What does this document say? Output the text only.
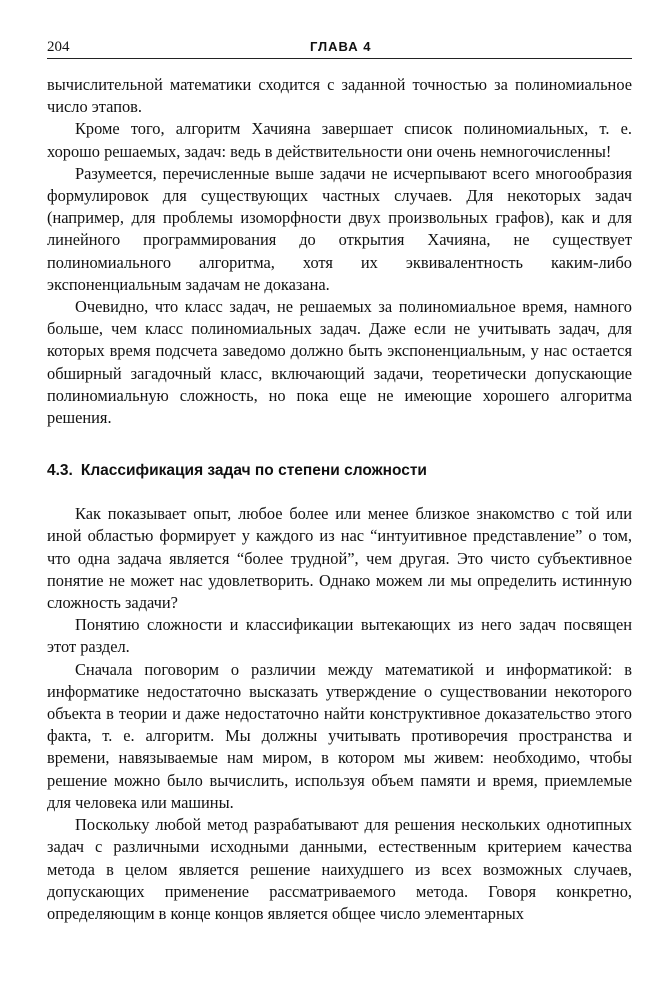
204	ГЛАВА 4

вычислительной математики сходится с заданной точностью за полиномиальное число этапов.

Кроме того, алгоритм Хачияна завершает список полиномиальных, т. е. хорошо решаемых, задач: ведь в действительности они очень немногочисленны!

Разумеется, перечисленные выше задачи не исчерпывают всего многообразия формулировок для существующих частных случаев. Для некоторых задач (например, для проблемы изоморфности двух произвольных графов), как и для линейного программирования до открытия Хачияна, не существует полиномиального алгоритма, хотя их эквивалентность каким-либо экспоненциальным задачам не доказана.

Очевидно, что класс задач, не решаемых за полиномиальное время, намного больше, чем класс полиномиальных задач. Даже если не учитывать задач, для которых время подсчета заведомо должно быть экспоненциальным, у нас остается обширный загадочный класс, включающий задачи, теоретически допускающие полиномиальную сложность, но пока еще не имеющие хорошего алгоритма решения.

4.3. Классификация задач по степени сложности

Как показывает опыт, любое более или менее близкое знакомство с той или иной областью формирует у каждого из нас “интуитивное представление” о том, что одна задача является “более трудной”, чем другая. Это чисто субъективное понятие не может нас удовлетворить. Однако можем ли мы определить истинную сложность задачи?

Понятию сложности и классификации вытекающих из него задач посвящен этот раздел.

Сначала поговорим о различии между математикой и информатикой: в информатике недостаточно высказать утверждение о существовании некоторого объекта в теории и даже недостаточно найти конструктивное доказательство этого факта, т. е. алгоритм. Мы должны учитывать противоречия пространства и времени, навязываемые нам миром, в котором мы живем: необходимо, чтобы решение можно было вычислить, используя объем памяти и время, приемлемые для человека или машины.

Поскольку любой метод разрабатывают для решения нескольких однотипных задач с различными исходными данными, естественным критерием качества метода в целом является решение наихудшего из всех возможных случаев, допускающих применение рассматриваемого метода. Говоря конкретно, определяющим в конце концов является общее число элементарных
